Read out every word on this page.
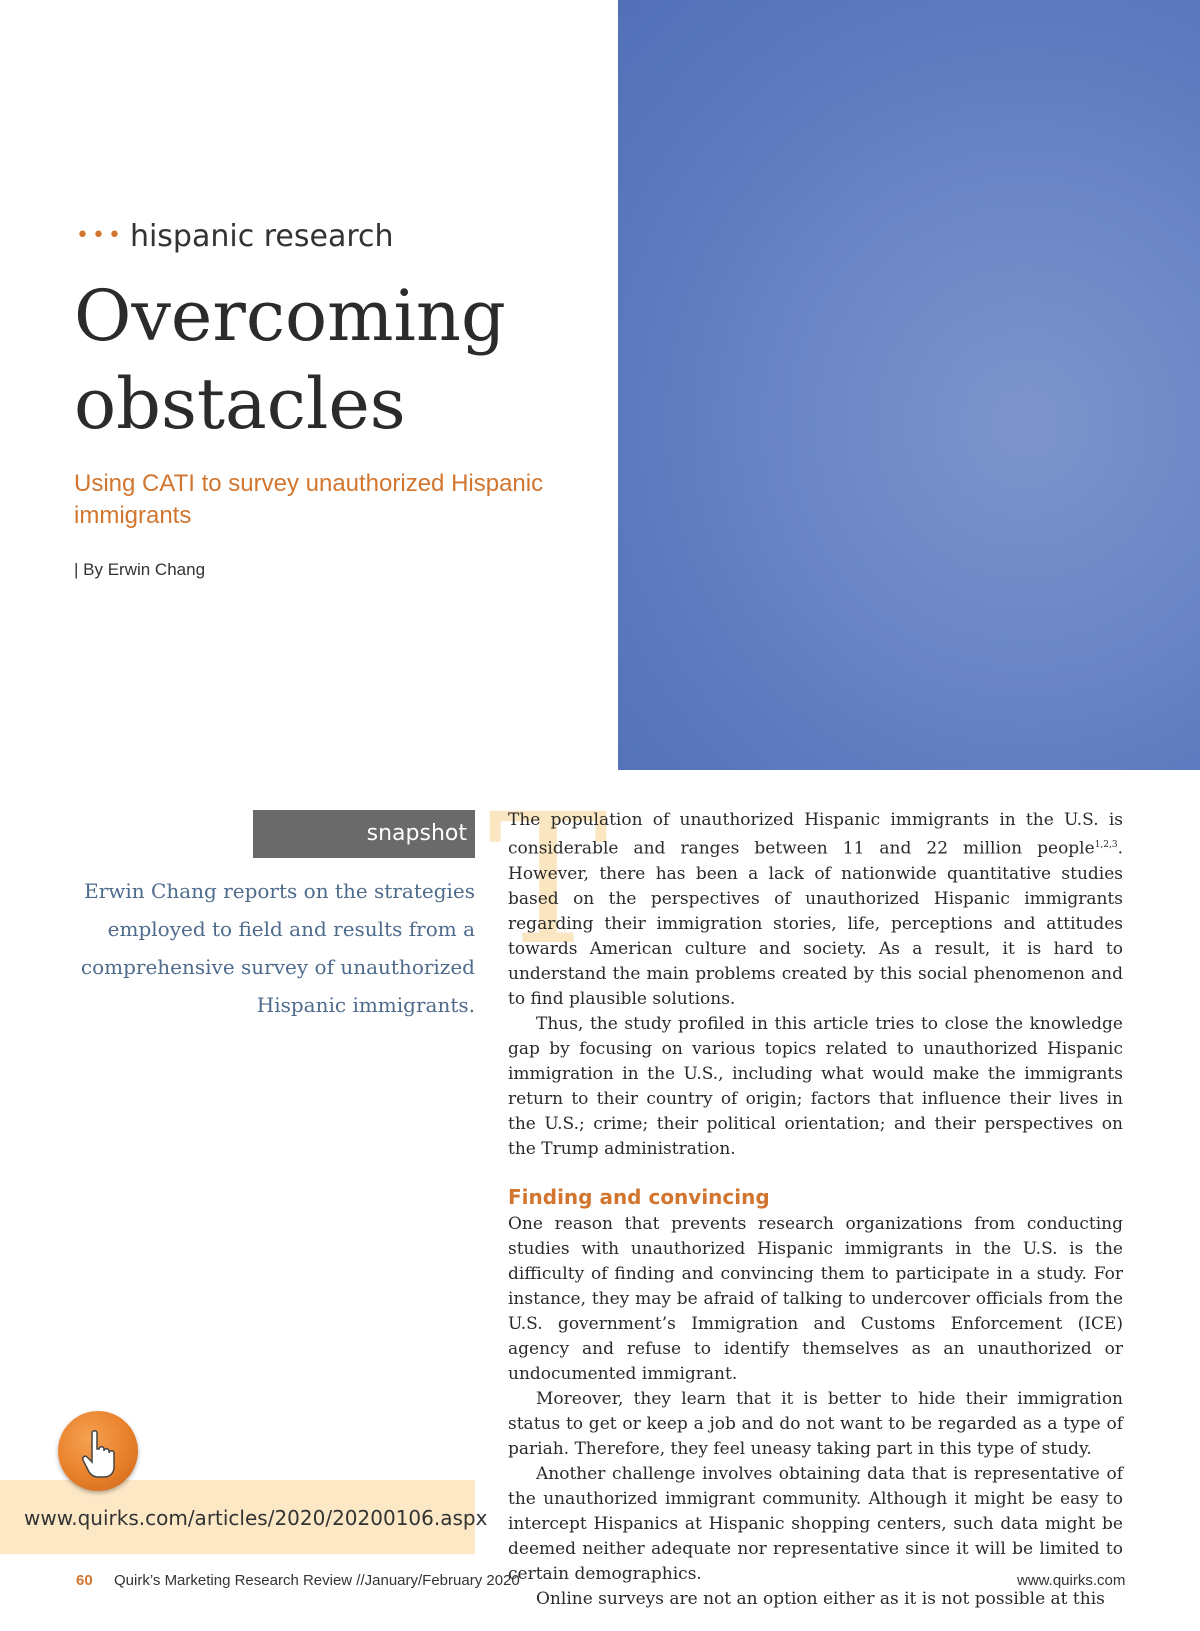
••• hispanic research
Overcoming
obstacles
Using CATI to survey unauthorized Hispanic immigrants
| By Erwin Chang
snapshot
Erwin Chang reports on the strategies employed to field and results from a comprehensive survey of unauthorized Hispanic immigrants.
www.quirks.com/articles/2020/20200106.aspx
T

The population of unauthorized Hispanic immigrants in the U.S. is considerable and ranges between 11 and 22 million people$^{1,2,3}$. However, there has been a lack of nationwide quantitative studies based on the perspectives of unauthorized Hispanic immigrants regarding their immigration stories, life, perceptions and attitudes towards American culture and society. As a result, it is hard to understand the main problems created by this social phenomenon and to find plausible solutions.

Thus, the study profiled in this article tries to close the knowledge gap by focusing on various topics related to unauthorized Hispanic immigration in the U.S., including what would make the immigrants return to their country of origin; factors that influence their lives in the U.S.; crime; their political orientation; and their perspectives on the Trump administration.

Finding and convincing

One reason that prevents research organizations from conducting studies with unauthorized Hispanic immigrants in the U.S. is the difficulty of finding and convincing them to participate in a study. For instance, they may be afraid of talking to undercover officials from the U.S. government’s Immigration and Customs Enforcement (ICE) agency and refuse to identify themselves as an unauthorized or undocumented immigrant.

Moreover, they learn that it is better to hide their immigration status to get or keep a job and do not want to be regarded as a type of pariah. Therefore, they feel uneasy taking part in this type of study.

Another challenge involves obtaining data that is representative of the unauthorized immigrant community. Although it might be easy to intercept Hispanics at Hispanic shopping centers, such data might be deemed neither adequate nor representative since it will be limited to certain demographics.

Online surveys are not an option either as it is not possible at this

60 Quirk’s Marketing Research Review //January/February 2020	www.quirks.com
